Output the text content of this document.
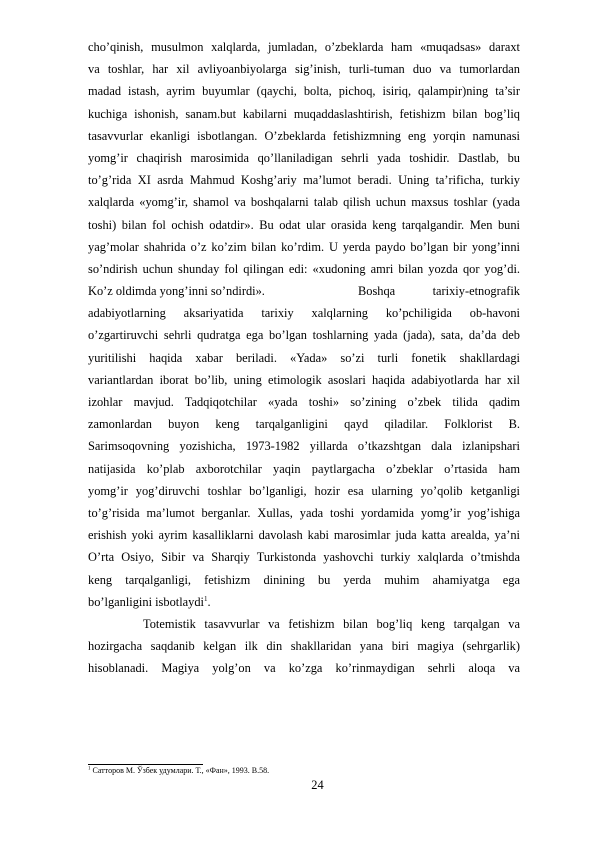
cho’qinish, musulmon xalqlarda, jumladan, o’zbeklarda ham «muqadsas» daraxt
va toshlar, har xil avliyoanbiyolarga sig’inish, turli-tuman duo va tumorlardan
madad istash, ayrim buyumlar (qaychi, bolta, pichoq, isiriq, qalampir)ning ta’sir
kuchiga ishonish, sanam.but kabilarni muqaddaslashtirish, fetishizm bilan bog’liq
tasavvurlar ekanligi isbotlangan. O’zbeklarda fetishizmning eng yorqin namunasi
yomg’ir chaqirish marosimida qo’llaniladigan sehrli yada toshidir. Dastlab, bu
to’g’rida XI asrda Mahmud Koshg’ariy ma’lumot beradi. Uning ta’rificha, turkiy
xalqlarda «yomg’ir, shamol va boshqalarni talab qilish uchun maxsus toshlar (yada
toshi) bilan fol ochish odatdir». Bu odat ular orasida keng tarqalgandir. Men buni
yag’molar shahrida o’z ko’zim bilan ko’rdim. U yerda paydo bo’lgan bir yong’inni
so’ndirish uchun shunday fol qilingan edi: «xudoning amri bilan yozda qor yog’di.
Ko’z oldimda yong’inni so’ndirdi».	Boshqa tarixiy-etnografik
adabiyotlarning aksariyatida tarixiy xalqlarning ko’pchiligida ob-havoni
o’zgartiruvchi sehrli qudratga ega bo’lgan toshlarning yada (jada), sata, da’da deb
yuritilishi haqida xabar beriladi. «Yada» so’zi turli fonetik shakllardagi
variantlardan iborat bo’lib, uning etimologik asoslari haqida adabiyotlarda har xil
izohlar mavjud. Tadqiqotchilar «yada toshi» so’zining o’zbek tilida qadim
zamonlardan buyon keng tarqalganligini qayd qiladilar. Folklorist B.
Sarimsoqovning yozishicha, 1973-1982 yillarda o’tkazshtgan dala izlanipshari
natijasida ko’plab axborotchilar yaqin paytlargacha o’zbeklar o’rtasida ham
yomg’ir yog’diruvchi toshlar bo’lganligi, hozir esa ularning yo’qolib ketganligi
to’g’risida ma’lumot berganlar. Xullas, yada toshi yordamida yomg’ir yog’ishiga
erishish yoki ayrim kasalliklarni davolash kabi marosimlar juda katta arealda, ya’ni
O’rta Osiyo, Sibir va Sharqiy Turkistonda yashovchi turkiy xalqlarda o’tmishda
keng tarqalganligi, fetishizm dinining bu yerda muhim ahamiyatga ega
bo’lganligini isbotlaydi$^1$.
Totemistik tasavvurlar va fetishizm bilan bog’liq keng tarqalgan va
hozirgacha saqdanib kelgan ilk din shakllaridan yana biri magiya (sehrgarlik)
hisoblanadi. Magiya yolg’on va ko’zga ko’rinmaydigan sehrli aloqa va
$^1$ Сатторов М. Ўзбек удумлари. Т., «Фан», 1993. В.58.
24
